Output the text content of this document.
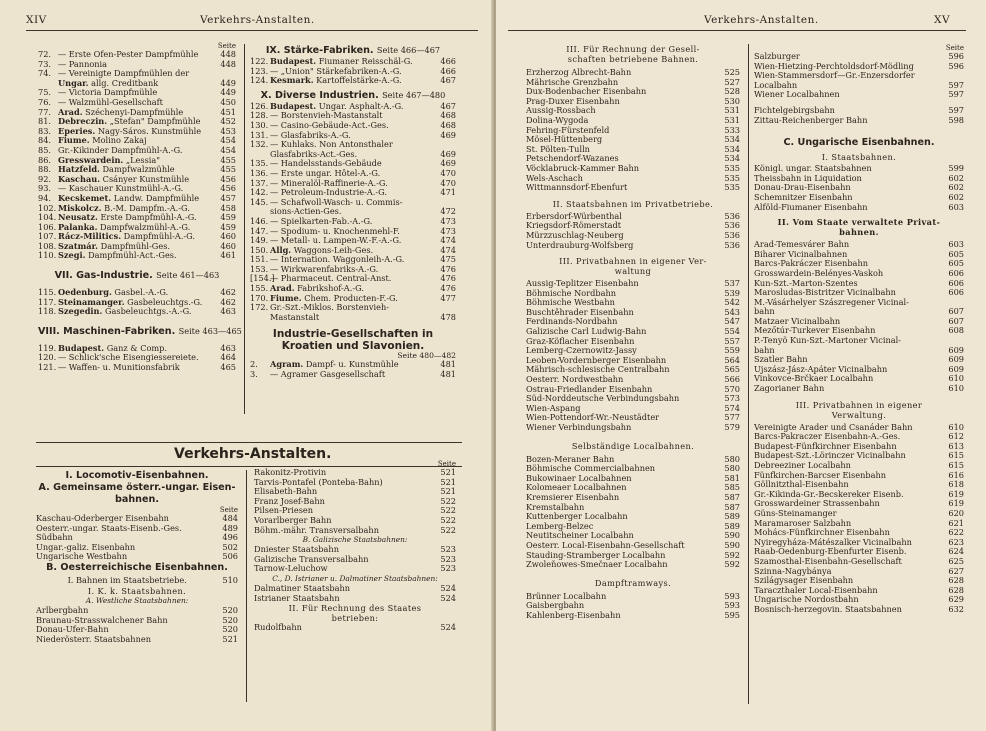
XIV	Verkehrs-Anstalten.
Seite
72. — Erste Ofen-Pester Dampfmühle	448
73. — Pannonia	448
74. — Vereinigte Dampfmühlen der
Ungar. allg. Creditbank	449
75. — Victoria Dampfmühle	449
76. — Walzmühl-Gesellschaft	450
77. Arad. Széchenyi-Dampfmühle	451
81. Debreczin. „Stefan" Dampfmühle	452
83. Eperies. Nagy-Sáros. Kunstmühle	453
84. Fiume. Molino Zakaj	454
85. Gr.-Kikinder Dampfmühl-A.-G.	454
86. Gresswardein. „Lessia"	455
88. Hatzfeld. Dampfwalzmühle	455
92. Kaschau. Csányer Kunstmühle	456
93. — Kaschauer Kunstmühl-A.-G.	456
94. Kecskemet. Landw. Dampfmühle	457
102. Miskolcz. B.-M. Dampfm.-A.-G.	458
104. Neusatz. Erste Dampfmühl-A.-G.	459
106. Palanka. Dampfwalzmühl-A.-G.	459
107. Rácz-Militics. Dampfmühl-A.-G.	460
108. Szatmár. Dampfmühl-Ges.	460
110. Szegi. Dampfmühl-Act.-Ges.	461
VII. Gas-Industrie. Seite 461—463
115. Oedenburg. Gasbel.-A.-G.	462
117. Steinamanger. Gasbeleuchtgs.-G.	462
118. Szegedin. Gasbeleuchtgs.-A.-G.	463
VIII. Maschinen-Fabriken. Seite 463—465
119. Budapest. Ganz & Comp.	463
120. — Schlick'sche Eisengiessereiete.	464
121. — Waffen- u. Munitionsfabrik	465
IX. Stärke-Fabriken. Seite 466—467
122. Budapest. Fiumaner Reisschäl-G.	466
123. — „Union" Stärkefabriken-A.-G.	466
124. Kesmark. Kartoffelstärke-A.-G.	467
X. Diverse Industrien. Seite 467—480
126. Budapest. Ungar. Asphalt-A.-G.	467
128. — Borstenvieh-Mastanstalt	468
130. — Casino-Gebäude-Act.-Ges.	468
131. — Glasfabriks-A.-G.	469
132. — Kuhlaks. Non Antonsthaler
Glasfabriks-Act.-Ges.	469
135. — Handelsstands-Gebäude	469
136. — Erste ungar. Hôtel-A.-G.	470
137. — Mineralöl-Raffinerie-A.-G.	470
142. — Petroleum-Industrie-A.-G.	471
145. — Schafwoll-Wasch- u. Commis-
sions-Actien-Ges.	472
146. — Spielkarten-Fab.-A.-G.	473
147. — Spodium- u. Knochenmehl-F.	473
149. — Metall- u. Lampen-W.-F.-A.-G.	474
150. Allg. Waggons-Leih-Ges.	474
151. — Internation. Waggonleih-A.-G.	475
153. — Wirkwarenfabriks-A.-G.	476
[154.]
— Pharmaceut. Central-Anst.	476
155. Arad. Fabrikshof-A.-G.	476
170. Fiume. Chem. Producten-F.-G.	477
172. Gr.-Szt.-Miklos. Borstenvieh-
Mastanstalt	478
Industrie-Gesellschaften in
Kroatien und Slavonien.
Seite 480—482
2.	Agram. Dampf- u. Kunstmühle	481
3.	— Agramer Gasgesellschaft	481
Verkehrs-Anstalten.
I. Locomotiv-Eisenbahnen.
A. Gemeinsame österr.-ungar. Eisen-
bahnen.
Seite
Kaschau-Oderberger Eisenbahn	484
Oesterr.-ungar. Staats-Eisenb.-Ges.	489
Südbahn	496
Ungar.-galiz. Eisenbahn	502
Ungarische Westbahn	506
B. Oesterreichische Eisenbahnen.
I. Bahnen im Staatsbetriebe.	510
I. K. k. Staatsbahnen.
A. Westliche Staatsbahnen:
Arlbergbahn	520
Braunau-Strasswalchener Bahn	520
Donau-Ufer-Bahn	520
Niederösterr. Staatsbahnen	521
Seite
Rakonitz-Protivin	521
Tarvis-Pontafel (Ponteba-Bahn)	521
Elisabeth-Bahn	521
Franz Josef-Bahn	522
Pilsen-Priesen	522
Vorarlberger Bahn	522
Böhm.-mähr. Transversalbahn	522
B. Galizische Staatsbahnen:
Dniester Staatsbahn	523
Galizische Transversalbahn	523
Tarnow-Leluchow	523
C., D. Istrianer u. Dalmatiner Staatsbahnen:
Dalmatiner Staatsbahn	524
Istrianer Staatsbahn	524
II. Für Rechnung des Staates
betrieben:
Rudolfbahn	524
Verkehrs-Anstalten.	XV
III. Für Rechnung der Gesell-
schaften betriebene Bahnen.
Erzherzog Albrecht-Bahn	525
Mährische Grenzbahn	527
Dux-Bodenbacher Eisenbahn	528
Prag-Duxer Eisenbahn	530
Aussig-Rossbach	531
Dolina-Wygoda	531
Fehring-Fürstenfeld	533
Mösel-Hüttenberg	534
St. Pölten-Tulln	534
Petschendorf-Wazanes	534
Vöcklabruck-Kammer Bahn	535
Wels-Aschach	535
Wittmannsdorf-Ebenfurt	535
II. Staatsbahnen im Privatbetriebe.
Erbersdorf-Würbenthal	536
Kriegsdorf-Römerstadt	536
Mürzzuschlag-Neuberg	536
Unterdrauburg-Wolfsberg	536
III. Privatbahnen in eigener Ver-
waltung
Aussig-Teplitzer Eisenbahn	537
Böhmische Nordbahn	539
Böhmische Westbahn	542
Buschtěhrader Eisenbahn	543
Ferdinands-Nordbahn	547
Galizische Carl Ludwig-Bahn	554
Graz-Köflacher Eisenbahn	557
Lemberg-Czernowitz-Jassy	559
Leoben-Vordernberger Eisenbahn	564
Mährisch-schlesische Centralbahn	565
Oesterr. Nordwestbahn	566
Ostrau-Friedlander Eisenbahn	570
Süd-Norddeutsche Verbindungsbahn	573
Wien-Aspang	574
Wien-Pottendorf-Wr.-Neustädter	577
Wiener Verbindungsbahn	579
Selbständige Localbahnen.
Bozen-Meraner Bahn	580
Böhmische Commercialbahnen	580
Bukowinaer Localbahnen	581
Kolomeaer Localbahnen	585
Kremsierer Eisenbahn	587
Kremstalbahn	587
Kuttenberger Localbahn	589
Lemberg-Belzec	589
Neutitscheiner Localbahn	590
Oesterr. Local-Eisenbahn-Gesellschaft	590
Stauding-Stramberger Localbahn	592
Zwoleňowes-Smečnaer Localbahn	592
Dampftramways.
Brünner Localbahn	593
Gaisbergbahn	593
Kahlenberg-Eisenbahn	595
Seite
Salzburger	596
Wien-Hietzing-Perchtoldsdorf-Mödling	596
Wien-Stammersdorf—Gr.-Enzersdorfer
Localbahn	597
Wiener Localbahnen	597
Fichtelgebirgsbahn	597
Zittau-Reichenberger Bahn	598
C. Ungarische Eisenbahnen.
I. Staatsbahnen.
Königl. ungar. Staatsbahnen	599
Theissbahn in Liquidation	602
Donau-Drau-Eisenbahn	602
Schemnitzer Eisenbahn	602
Alföld-Fiumaner Eisenbahn	603
II. Vom Staate verwaltete Privat-
bahnen.
Arad-Temesvárer Bahn	603
Biharer Vicinalbahnen	605
Barcs-Pakráczer Eisenbahn	605
Grosswardein-Belényes-Vaskoh	606
Kun-Szt.-Marton-Szentes	606
Marosludas-Bistritzer Vicinalbahn	606
M.-Vásárhelyer Szászregener Vicinal-
bahn	607
Matzaer Vicinalbahn	607
Mezőtúr-Turkever Eisenbahn	608
P.-Tenyö Kun-Szt.-Martoner Vicinal-
bahn	609
Szatler Bahn	609
Ujszász-Jász-Apáter Vicinalbahn	609
Vinkovce-Brčkaer Localbahn	610
Zagorianer Bahn	610
III. Privatbahnen in eigener
Verwaltung.
Vereinigte Arader und Csanáder Bahn	610
Barcs-Pakraczer Eisenbahn-A.-Ges.	612
Budapest-Fünfkirchner Eisenbahn	613
Budapest-Szt.-Lörinczer Vicinalbahn	615
Debreeziner Localbahn	615
Fünfkirchen-Barcser Eisenbahn	616
Göllnitzthal-Eisenbahn	618
Gr.-Kikinda-Gr.-Becskereker Eisenb.	619
Grosswardeiner Strassenbahn	619
Güns-Steinamanger	620
Maramaroser Salzbahn	621
Mohács-Fünfkirchner Eisenbahn	622
Nyiregyháza-Mátészalker Vicinalbahn	623
Raab-Oedenburg-Ebenfurter Eisenb.	624
Szamosthal-Eisenbahn-Gesellschaft	625
Szinna-Nagybánya	627
Szilágysager Eisenbahn	628
Taraczthaler Local-Eisenbahn	628
Ungarische Nordostbahn	629
Bosnisch-herzegovin. Staatsbahnen	632
